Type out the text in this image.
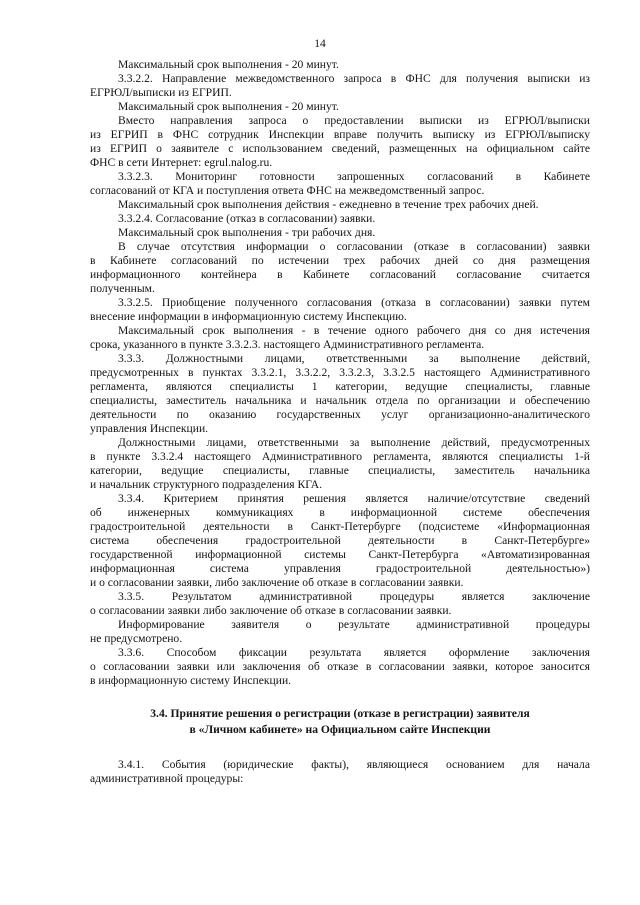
14
Максимальный срок выполнения - 20 минут.
3.3.2.2. Направление межведомственного запроса в ФНС для получения выписки из
ЕГРЮЛ/выписки из ЕГРИП.
Максимальный срок выполнения - 20 минут.
Вместо направления запроса о предоставлении выписки из ЕГРЮЛ/выписки
из ЕГРИП в ФНС сотрудник Инспекции вправе получить выписку из ЕГРЮЛ/выписку
из ЕГРИП о заявителе с использованием сведений, размещенных на официальном сайте
ФНС в сети Интернет: egrul.nalog.ru.
3.3.2.3. Мониторинг готовности запрошенных согласований в Кабинете
согласований от КГА и поступления ответа ФНС на межведомственный запрос.
Максимальный срок выполнения действия - ежедневно в течение трех рабочих дней.
3.3.2.4. Согласование (отказ в согласовании) заявки.
Максимальный срок выполнения - три рабочих дня.
В случае отсутствия информации о согласовании (отказе в согласовании) заявки
в Кабинете согласований по истечении трех рабочих дней со дня размещения
информационного контейнера в Кабинете согласований согласование считается
полученным.
3.3.2.5. Приобщение полученного согласования (отказа в согласовании) заявки путем
внесение информации в информационную систему Инспекцию.
Максимальный срок выполнения - в течение одного рабочего дня со дня истечения
срока, указанного в пункте 3.3.2.3. настоящего Административного регламента.
3.3.3. Должностными лицами, ответственными за выполнение действий,
предусмотренных в пунктах 3.3.2.1, 3.3.2.2, 3.3.2.3, 3.3.2.5 настоящего Административного
регламента, являются специалисты 1 категории, ведущие специалисты, главные
специалисты, заместитель начальника и начальник отдела по организации и обеспечению
деятельности по оказанию государственных услуг организационно-аналитического
управления Инспекции.
Должностными лицами, ответственными за выполнение действий, предусмотренных
в пункте 3.3.2.4 настоящего Административного регламента, являются специалисты 1-й
категории, ведущие специалисты, главные специалисты, заместитель начальника
и начальник структурного подразделения КГА.
3.3.4. Критерием принятия решения является наличие/отсутствие сведений
об инженерных коммуникациях в информационной системе обеспечения
градостроительной деятельности в Санкт-Петербурге (подсистеме «Информационная
система обеспечения градостроительной деятельности в Санкт-Петербурге»
государственной информационной системы Санкт-Петербурга «Автоматизированная
информационная система управления градостроительной деятельностью»)
и о согласовании заявки, либо заключение об отказе в согласовании заявки.
3.3.5. Результатом административной процедуры является заключение
о согласовании заявки либо заключение об отказе в согласовании заявки.
Информирование заявителя о результате административной процедуры
не предусмотрено.
3.3.6. Способом фиксации результата является оформление заключения
о согласовании заявки или заключения об отказе в согласовании заявки, которое заносится
в информационную систему Инспекции.
3.4. Принятие решения о регистрации (отказе в регистрации) заявителя
в «Личном кабинете» на Официальном сайте Инспекции
3.4.1. События (юридические факты), являющиеся основанием для начала
административной процедуры:
